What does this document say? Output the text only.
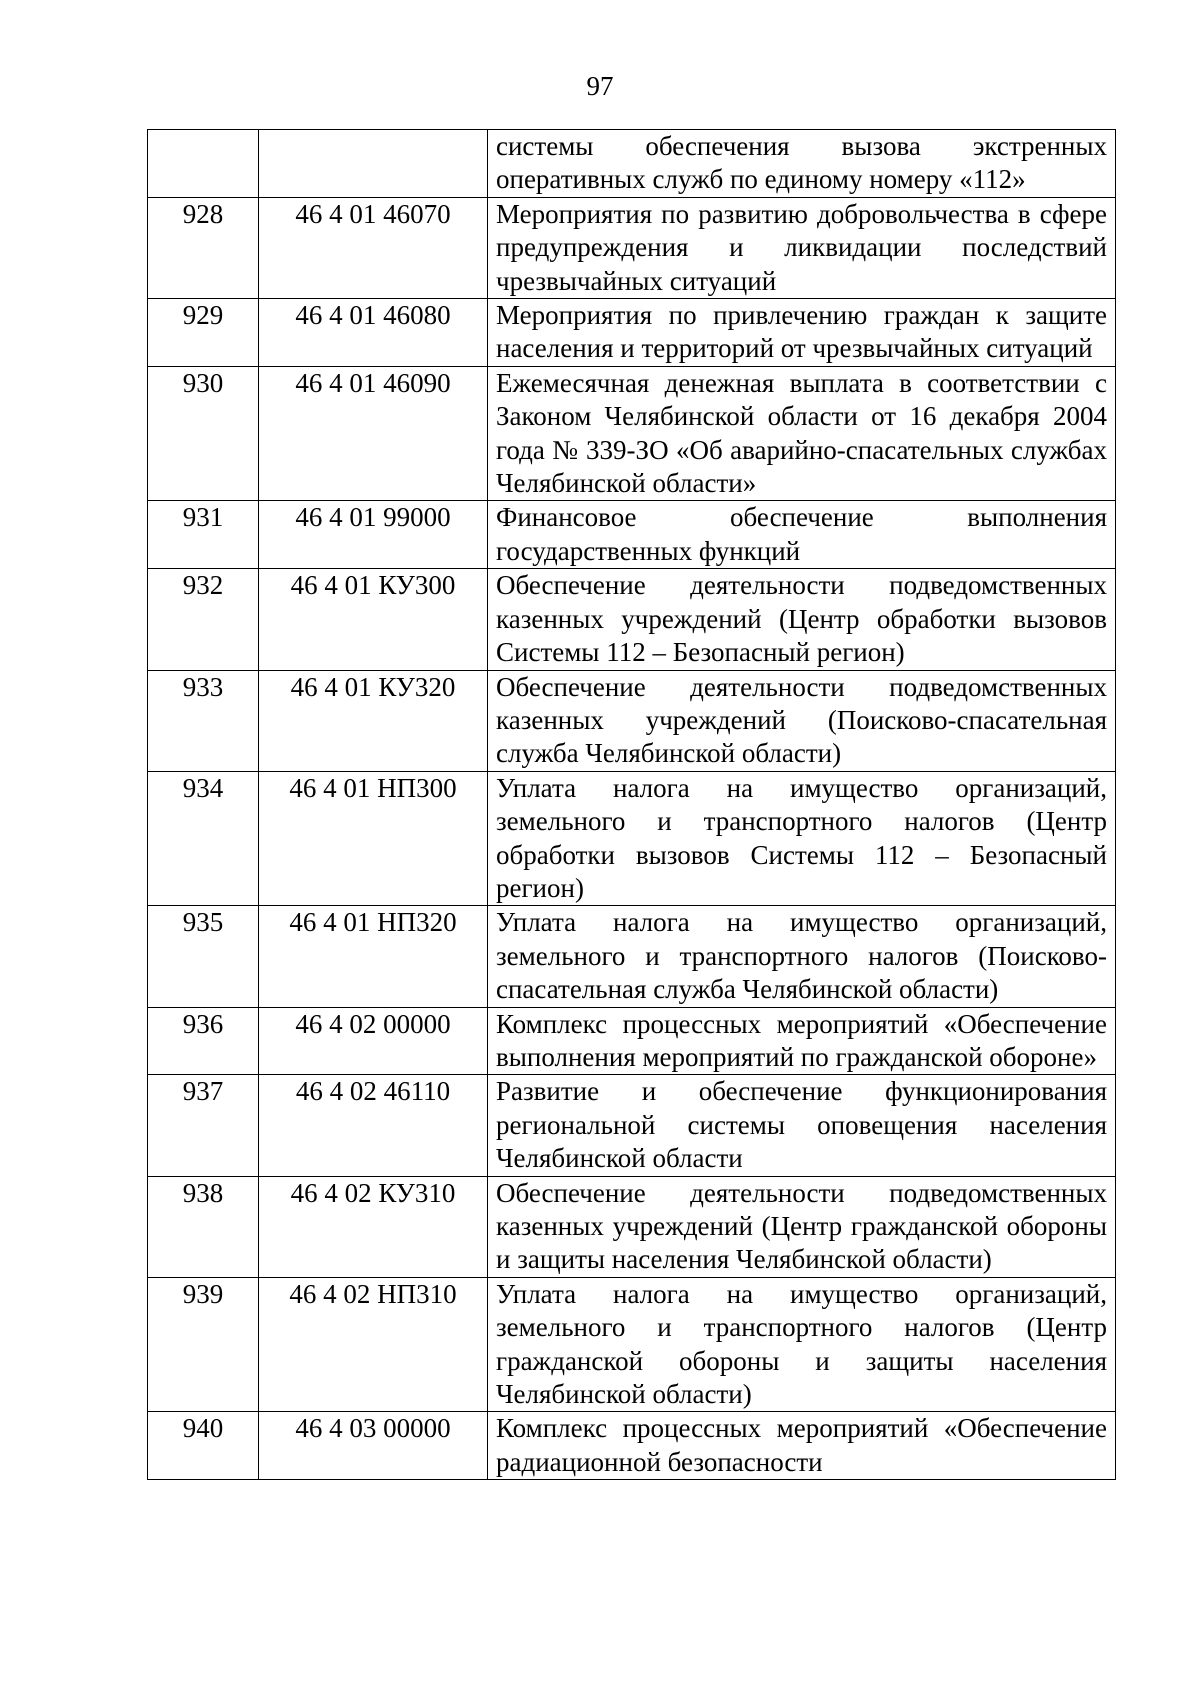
97
		системы обеспечения вызова экстренных оперативных служб по единому номеру «112»
928	46 4 01 46070	Мероприятия по развитию добровольчества в сфере предупреждения и ликвидации последствий чрезвычайных ситуаций
929	46 4 01 46080	Мероприятия по привлечению граждан к защите населения и территорий от чрезвычайных ситуаций
930	46 4 01 46090	Ежемесячная денежная выплата в соответствии с Законом Челябинской области от 16 декабря 2004 года № 339-ЗО «Об аварийно-спасательных службах Челябинской области»
931	46 4 01 99000	Финансовое обеспечение выполнения государственных функций
932	46 4 01 КУ300	Обеспечение деятельности подведомственных казенных учреждений (Центр обработки вызовов Системы 112 – Безопасный регион)
933	46 4 01 КУ320	Обеспечение деятельности подведомственных казенных учреждений (Поисково-спасательная служба Челябинской области)
934	46 4 01 НП300	Уплата налога на имущество организаций, земельного и транспортного налогов (Центр обработки вызовов Системы 112 – Безопасный регион)
935	46 4 01 НП320	Уплата налога на имущество организаций, земельного и транспортного налогов (Поисково-спасательная служба Челябинской области)
936	46 4 02 00000	Комплекс процессных мероприятий «Обеспечение выполнения мероприятий по гражданской обороне»
937	46 4 02 46110	Развитие и обеспечение функционирования региональной системы оповещения населения Челябинской области
938	46 4 02 КУ310	Обеспечение деятельности подведомственных казенных учреждений (Центр гражданской обороны и защиты населения Челябинской области)
939	46 4 02 НП310	Уплата налога на имущество организаций, земельного и транспортного налогов (Центр гражданской обороны и защиты населения Челябинской области)
940	46 4 03 00000	Комплекс процессных мероприятий «Обеспечение радиационной безопасности
